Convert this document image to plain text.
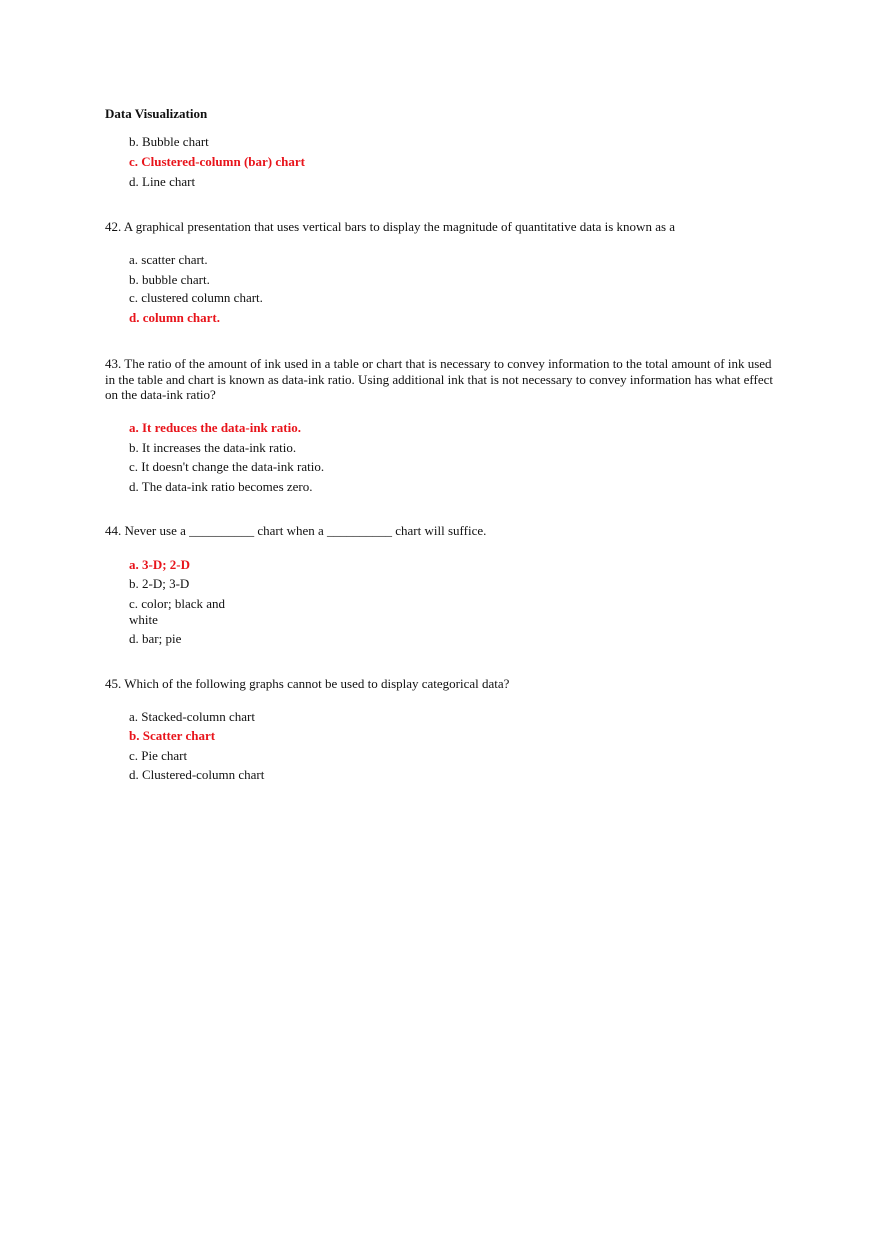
Data Visualization
b. Bubble chart
c. Clustered-column (bar) chart
d. Line chart
42. A graphical presentation that uses vertical bars to display the magnitude of quantitative data is known as a
a. scatter chart.
b. bubble chart.
c. clustered column chart.
d. column chart.
43. The ratio of the amount of ink used in a table or chart that is necessary to convey information to the total amount of ink used in the table and chart is known as data-ink ratio. Using additional ink that is not necessary to convey information has what effect on the data-ink ratio?
a. It reduces the data-ink ratio.
b. It increases the data-ink ratio.
c. It doesn't change the data-ink ratio.
d. The data-ink ratio becomes zero.
44. Never use a __________ chart when a __________ chart will suffice.
a. 3-D; 2-D
b. 2-D; 3-D
c. color; black and white
d. bar; pie
45. Which of the following graphs cannot be used to display categorical data?
a. Stacked-column chart
b. Scatter chart
c. Pie chart
d. Clustered-column chart
